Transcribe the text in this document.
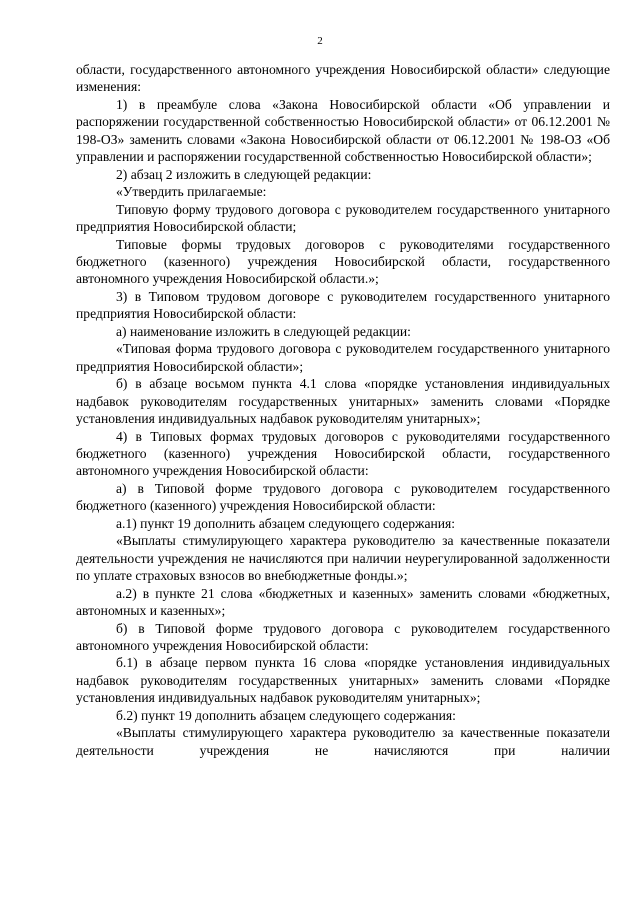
2

области, государственного автономного учреждения Новосибирской области» следующие изменения:

1) в преамбуле слова «Закона Новосибирской области «Об управлении и распоряжении государственной собственностью Новосибирской области» от 06.12.2001 № 198-ОЗ» заменить словами «Закона Новосибирской области от 06.12.2001 № 198-ОЗ «Об управлении и распоряжении государственной собственностью Новосибирской области»;

2) абзац 2 изложить в следующей редакции:

«Утвердить прилагаемые:

Типовую форму трудового договора с руководителем государственного унитарного предприятия Новосибирской области;

Типовые формы трудовых договоров с руководителями государственного бюджетного (казенного) учреждения Новосибирской области, государственного автономного учреждения Новосибирской области.»;

3) в Типовом трудовом договоре с руководителем государственного унитарного предприятия Новосибирской области:

а) наименование изложить в следующей редакции:

«Типовая форма трудового договора с руководителем государственного унитарного предприятия Новосибирской области»;

б) в абзаце восьмом пункта 4.1 слова «порядке установления индивидуальных надбавок руководителям государственных унитарных» заменить словами «Порядке установления индивидуальных надбавок руководителям унитарных»;

4) в Типовых формах трудовых договоров с руководителями государственного бюджетного (казенного) учреждения Новосибирской области, государственного автономного учреждения Новосибирской области:

а) в Типовой форме трудового договора с руководителем государственного бюджетного (казенного) учреждения Новосибирской области:

а.1) пункт 19 дополнить абзацем следующего содержания:

«Выплаты стимулирующего характера руководителю за качественные показатели деятельности учреждения не начисляются при наличии неурегулированной задолженности по уплате страховых взносов во внебюджетные фонды.»;

а.2) в пункте 21 слова «бюджетных и казенных» заменить словами «бюджетных, автономных и казенных»;

б) в Типовой форме трудового договора с руководителем государственного автономного учреждения Новосибирской области:

б.1) в абзаце первом пункта 16 слова «порядке установления индивидуальных надбавок руководителям государственных унитарных» заменить словами «Порядке установления индивидуальных надбавок руководителям унитарных»;

б.2) пункт 19 дополнить абзацем следующего содержания:

«Выплаты стимулирующего характера руководителю за качественные показатели деятельности учреждения не начисляются при наличии
